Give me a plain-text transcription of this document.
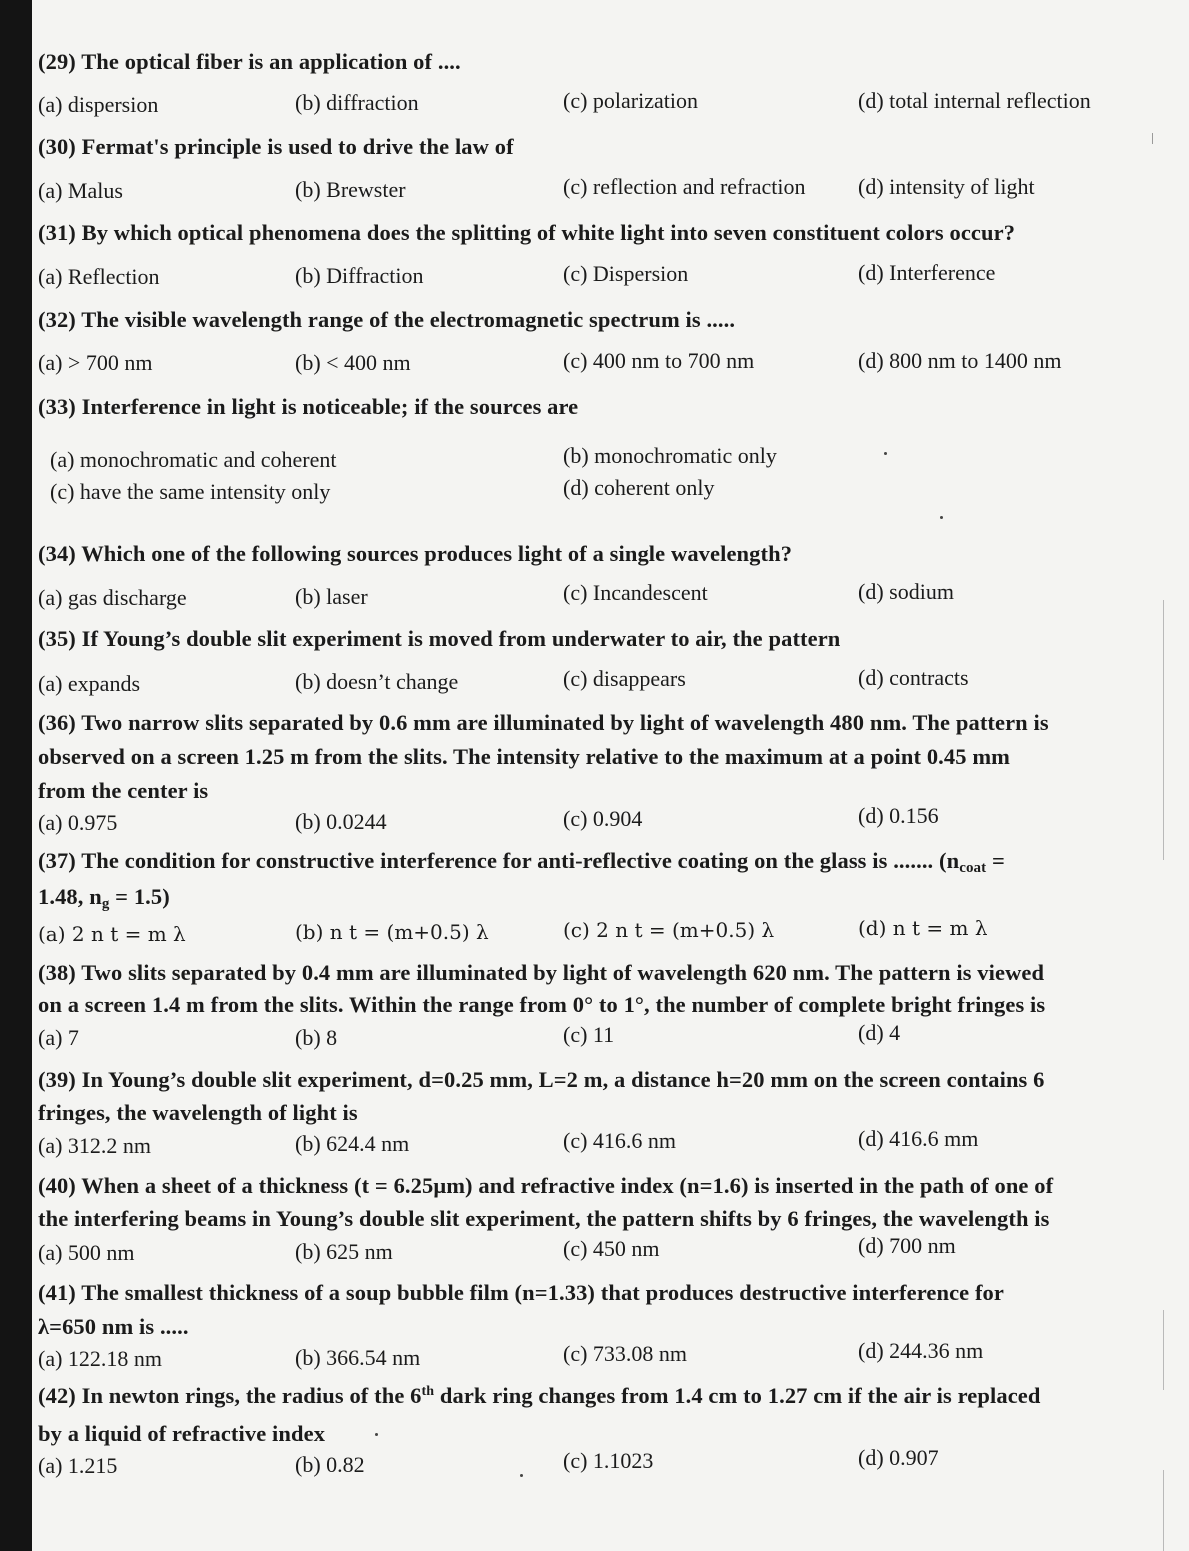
(29) The optical fiber is an application of ....
(a) dispersion	(b) diffraction	(c) polarization	(d) total internal reflection
(30) Fermat's principle is used to drive the law of
(a) Malus	(b) Brewster	(c) reflection and refraction (d) intensity of light
(31) By which optical phenomena does the splitting of white light into seven constituent colors occur?
(a) Reflection	(b) Diffraction	(c) Dispersion	(d) Interference
(32) The visible wavelength range of the electromagnetic spectrum is .....
(a) > 700 nm	(b) < 400 nm	(c) 400 nm to 700 nm	(d) 800 nm to 1400 nm
(33) Interference in light is noticeable; if the sources are
(a) monochromatic and coherent	(b) monochromatic only
(c) have the same intensity only	(d) coherent only
(34) Which one of the following sources produces light of a single wavelength?
(a) gas discharge	(b) laser	(c) Incandescent	(d) sodium
(35) If Young’s double slit experiment is moved from underwater to air, the pattern
(a) expands	(b) doesn’t change	(c) disappears	(d) contracts
(36) Two narrow slits separated by 0.6 mm are illuminated by light of wavelength 480 nm. The pattern is
observed on a screen 1.25 m from the slits. The intensity relative to the maximum at a point 0.45 mm
from the center is
(a) 0.975	(b) 0.0244	(c) 0.904	(d) 0.156
(37) The condition for constructive interference for anti-reflective coating on the glass is ....... ($n_{coat}$ =
1.48, $n_g = 1.5$)
(a) 2 n t = m λ	(b) n t = (m+0.5) λ	(c) 2 n t = (m+0.5) λ	(d) n t = m λ
(38) Two slits separated by 0.4 mm are illuminated by light of wavelength 620 nm. The pattern is viewed
on a screen 1.4 m from the slits. Within the range from 0° to 1°, the number of complete bright fringes is
(a) 7	(b) 8	(c) 11	(d) 4
(39) In Young’s double slit experiment, d=0.25 mm, L=2 m, a distance h=20 mm on the screen contains 6
fringes, the wavelength of light is
(a) 312.2 nm	(b) 624.4 nm	(c) 416.6 nm	(d) 416.6 mm
(40) When a sheet of a thickness (t = 6.25μm) and refractive index (n=1.6) is inserted in the path of one of
the interfering beams in Young’s double slit experiment, the pattern shifts by 6 fringes, the wavelength is
(a) 500 nm	(b) 625 nm	(c) 450 nm	(d) 700 nm
(41) The smallest thickness of a soup bubble film (n=1.33) that produces destructive interference for
λ=650 nm is .....
(a) 122.18 nm	(b) 366.54 nm	(c) 733.08 nm	(d) 244.36 nm
(42) In newton rings, the radius of the 6th dark ring changes from 1.4 cm to 1.27 cm if the air is replaced
by a liquid of refractive index
(a) 1.215	(b) 0.82	(c) 1.1023	(d) 0.907
